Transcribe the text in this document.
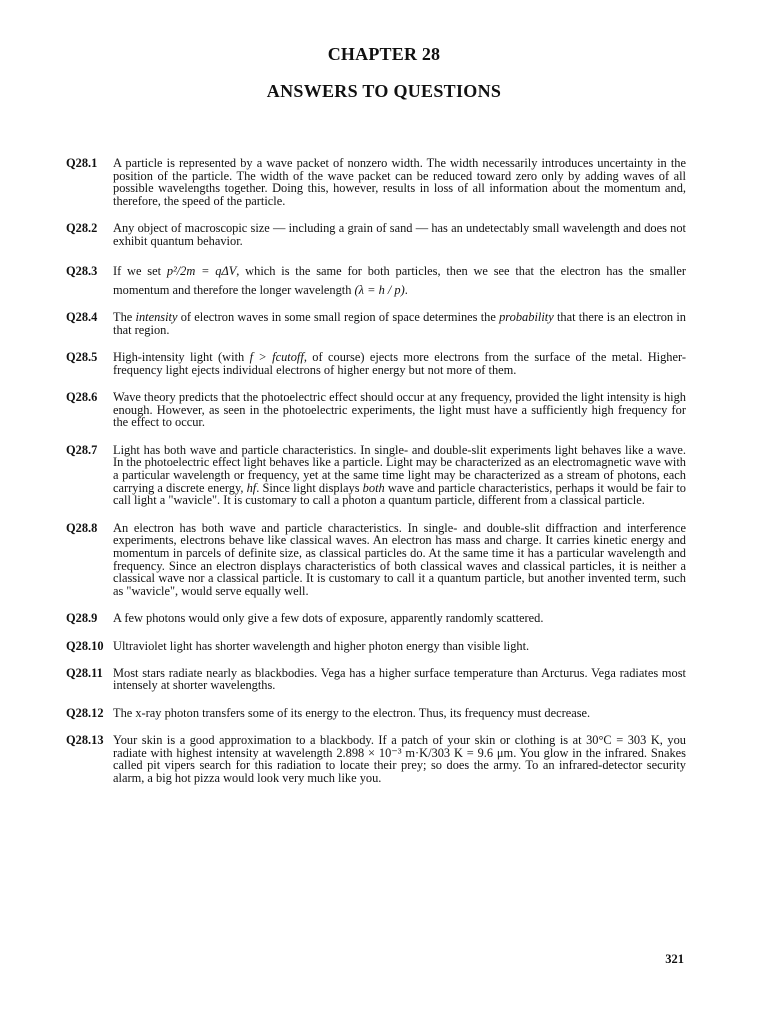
CHAPTER 28
ANSWERS TO QUESTIONS
Q28.1	A particle is represented by a wave packet of nonzero width. The width necessarily introduces uncertainty in the position of the particle. The width of the wave packet can be reduced toward zero only by adding waves of all possible wavelengths together. Doing this, however, results in loss of all information about the momentum and, therefore, the speed of the particle.
Q28.2	Any object of macroscopic size — including a grain of sand — has an undetectably small wavelength and does not exhibit quantum behavior.
Q28.3	If we set p²/2m = qΔV, which is the same for both particles, then we see that the electron has the smaller momentum and therefore the longer wavelength (λ = h / p).
Q28.4	The intensity of electron waves in some small region of space determines the probability that there is an electron in that region.
Q28.5	High-intensity light (with f > fcutoff, of course) ejects more electrons from the surface of the metal. Higher-frequency light ejects individual electrons of higher energy but not more of them.
Q28.6	Wave theory predicts that the photoelectric effect should occur at any frequency, provided the light intensity is high enough. However, as seen in the photoelectric experiments, the light must have a sufficiently high frequency for the effect to occur.
Q28.7	Light has both wave and particle characteristics. In single- and double-slit experiments light behaves like a wave. In the photoelectric effect light behaves like a particle. Light may be characterized as an electromagnetic wave with a particular wavelength or frequency, yet at the same time light may be characterized as a stream of photons, each carrying a discrete energy, hf. Since light displays both wave and particle characteristics, perhaps it would be fair to call light a "wavicle". It is customary to call a photon a quantum particle, different from a classical particle.
Q28.8	An electron has both wave and particle characteristics. In single- and double-slit diffraction and interference experiments, electrons behave like classical waves. An electron has mass and charge. It carries kinetic energy and momentum in parcels of definite size, as classical particles do. At the same time it has a particular wavelength and frequency. Since an electron displays characteristics of both classical waves and classical particles, it is neither a classical wave nor a classical particle. It is customary to call it a quantum particle, but another invented term, such as "wavicle", would serve equally well.
Q28.9	A few photons would only give a few dots of exposure, apparently randomly scattered.
Q28.10 Ultraviolet light has shorter wavelength and higher photon energy than visible light.
Q28.11 Most stars radiate nearly as blackbodies. Vega has a higher surface temperature than Arcturus. Vega radiates most intensely at shorter wavelengths.
Q28.12 The x-ray photon transfers some of its energy to the electron. Thus, its frequency must decrease.
Q28.13 Your skin is a good approximation to a blackbody. If a patch of your skin or clothing is at 30°C = 303 K, you radiate with highest intensity at wavelength 2.898 × 10⁻³ m·K/303 K = 9.6 μm. You glow in the infrared. Snakes called pit vipers search for this radiation to locate their prey; so does the army. To an infrared-detector security alarm, a big hot pizza would look very much like you.
321
